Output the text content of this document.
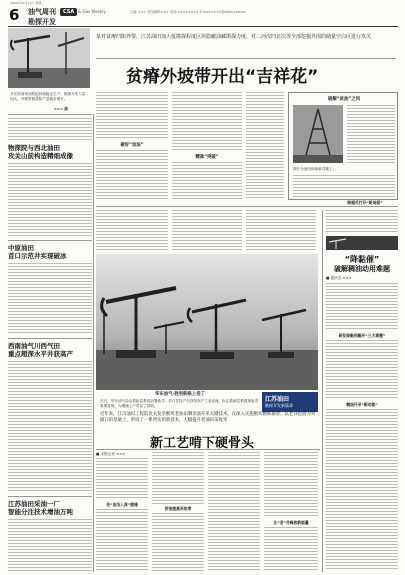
2022年10月11日 星期二
6 油气周刊
勘探开发
CSA & Gas Weekly	主编:王×× 责任编辑:××× 电话:×××××××× E-mail:××××@petro.com.cn
某对贫瘠凹陷外带，江苏油田加大低勘探程度区块隐蔽油藏勘探力度，对三河次凹北次等全部挖掘外围的储量空白区进行攻关
贫瘠外坡带开出“吉祥花”
井区原油采油机组持续稳定生产，勘探开发力量加大，外坡带储量和产量稳步增长。
××× 摄
做好“加法”
精准“突破”
破解“贫油”之问
图片为油田现场新井施工。
跨越式打开“新局面”
物探院与西北油田
攻关山前构造精细成像
中原油田
首口示范井实现破冰
西南油气川西气田
重点超深水平井获高产
江苏油田采油一厂
智能分注技术增油万吨
华东油气·胜利新路上扬了
近日，华东油气局沿着新层系再部署新井，多口井投产后获得高产工业油流，标志着新层系勘探取得重要进展，为增储上产奠定了基础。
江苏油田
勘探开发新篇章
“降黏催”
破解稠油动用难题
■ 通讯员 ×××
研发降黏剂解开“三大难题”
稠油开采“新动能”
近年来，江汉油田工程院攻关复杂断块老油田剩余油开采关键技术，在深入实施断块精细描述、以老井挖潜为突破口的基础上，形成了一系列实用新技术，大幅提升老油田采收率
新工艺啃下硬骨头
■ 本报记者 ×××
先“由浅入深”提储
挤油提高采收率
让“老”井释放新能量
